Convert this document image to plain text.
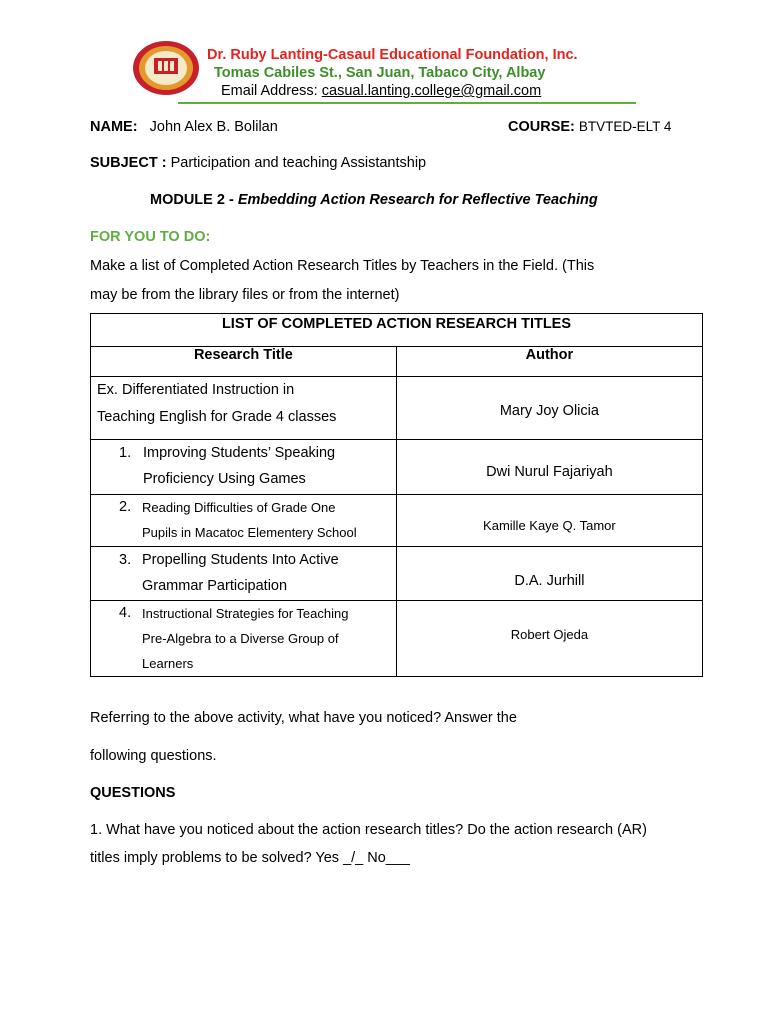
Dr. Ruby Lanting-Casaul Educational Foundation, Inc.
Tomas Cabiles St., San Juan, Tabaco City, Albay
Email Address: casual.lanting.college@gmail.com
NAME: John Alex B. Bolilan	COURSE: BTVTED-ELT 4
SUBJECT : Participation and teaching Assistantship
MODULE 2 - Embedding Action Research for Reflective Teaching
FOR YOU TO DO:
Make a list of Completed Action Research Titles by Teachers in the Field. (This
may be from the library files or from the internet)
LIST OF COMPLETED ACTION RESEARCH TITLES	
Research Title	Author

Ex. Differentiated Instruction in
Teaching English for Grade 4 classes	Mary Joy Olicia

1. Improving Students’ Speaking
Proficiency Using Games	Dwi Nurul Fajariyah

2. Reading Difficulties of Grade One
Pupils in Macatoc Elementery School	Kamille Kaye Q. Tamor

3. Propelling Students Into Active
Grammar Participation	D.A. Jurhill

4. Instructional Strategies for Teaching
Pre-Algebra to a Diverse Group of
Learners	Robert Ojeda
Referring to the above activity, what have you noticed? Answer the
following questions.
QUESTIONS
1. What have you noticed about the action research titles? Do the action research (AR)
titles imply problems to be solved? Yes _/_ No___
